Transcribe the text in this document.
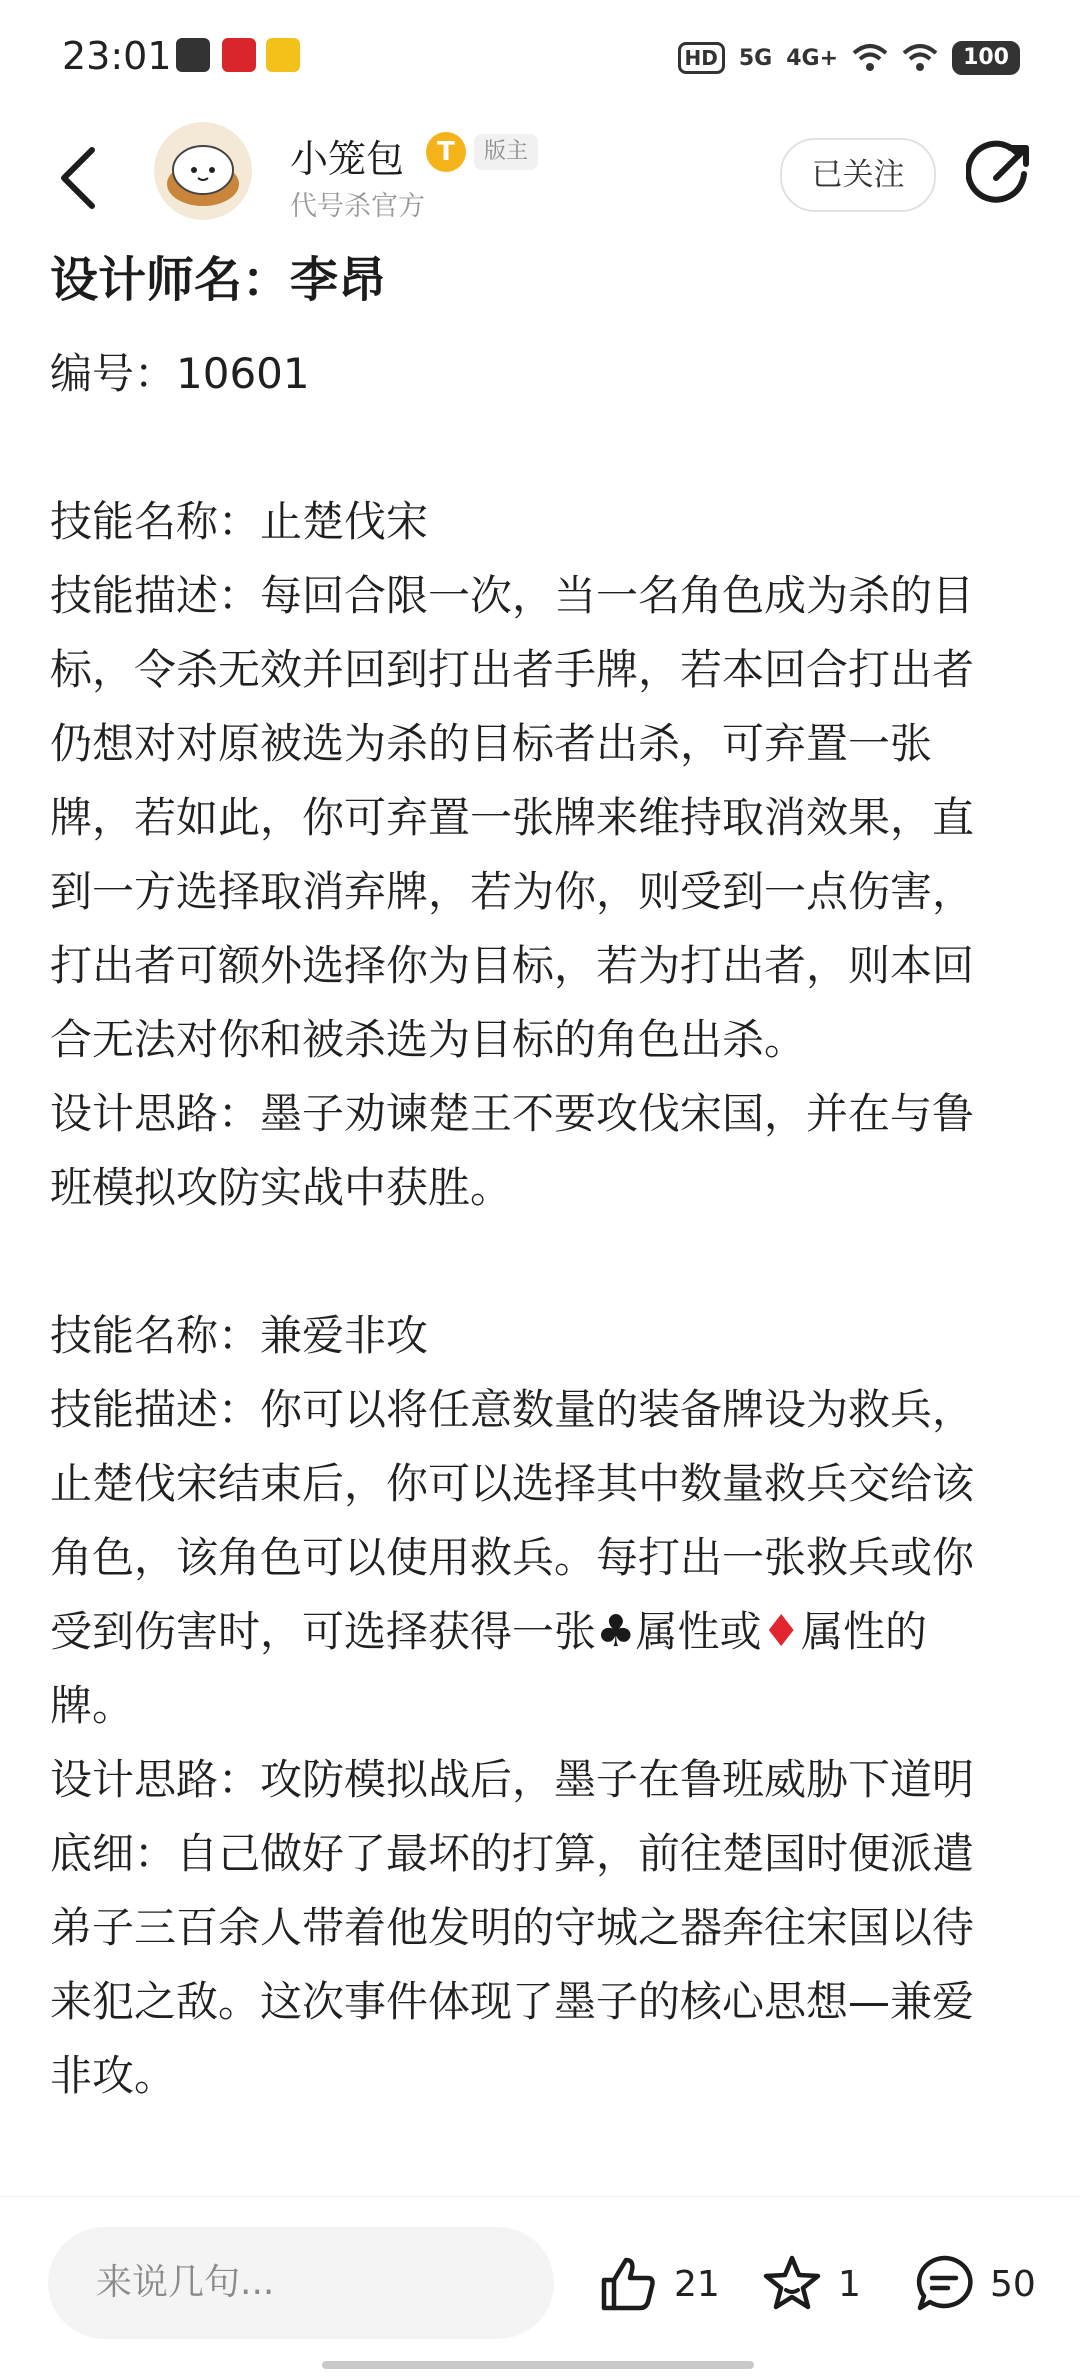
23:01	HD 5G 4G+	100
小笼包	T	版主
代号杀官方
已关注

设计师名：李昂

编号：10601

技能名称：止楚伐宋

技能描述：每回合限一次，当一名角色成为杀的目标，令杀无效并回到打出者手牌，若本回合打出者仍想对对原被选为杀的目标者出杀，可弃置一张牌，若如此，你可弃置一张牌来维持取消效果，直到一方选择取消弃牌，若为你，则受到一点伤害，打出者可额外选择你为目标，若为打出者，则本回合无法对你和被杀选为目标的角色出杀。

设计思路：墨子劝谏楚王不要攻伐宋国，并在与鲁班模拟攻防实战中获胜。

技能名称：兼爱非攻

技能描述：你可以将任意数量的装备牌设为救兵，止楚伐宋结束后，你可以选择其中数量救兵交给该角色，该角色可以使用救兵。每打出一张救兵或你受到伤害时，可选择获得一张♣属性或♦属性的牌。

设计思路：攻防模拟战后，墨子在鲁班威胁下道明底细：自己做好了最坏的打算，前往楚国时便派遣弟子三百余人带着他发明的守城之器奔往宋国以待来犯之敌。这次事件体现了墨子的核心思想—兼爱非攻。

来说几句...	21	1	50
